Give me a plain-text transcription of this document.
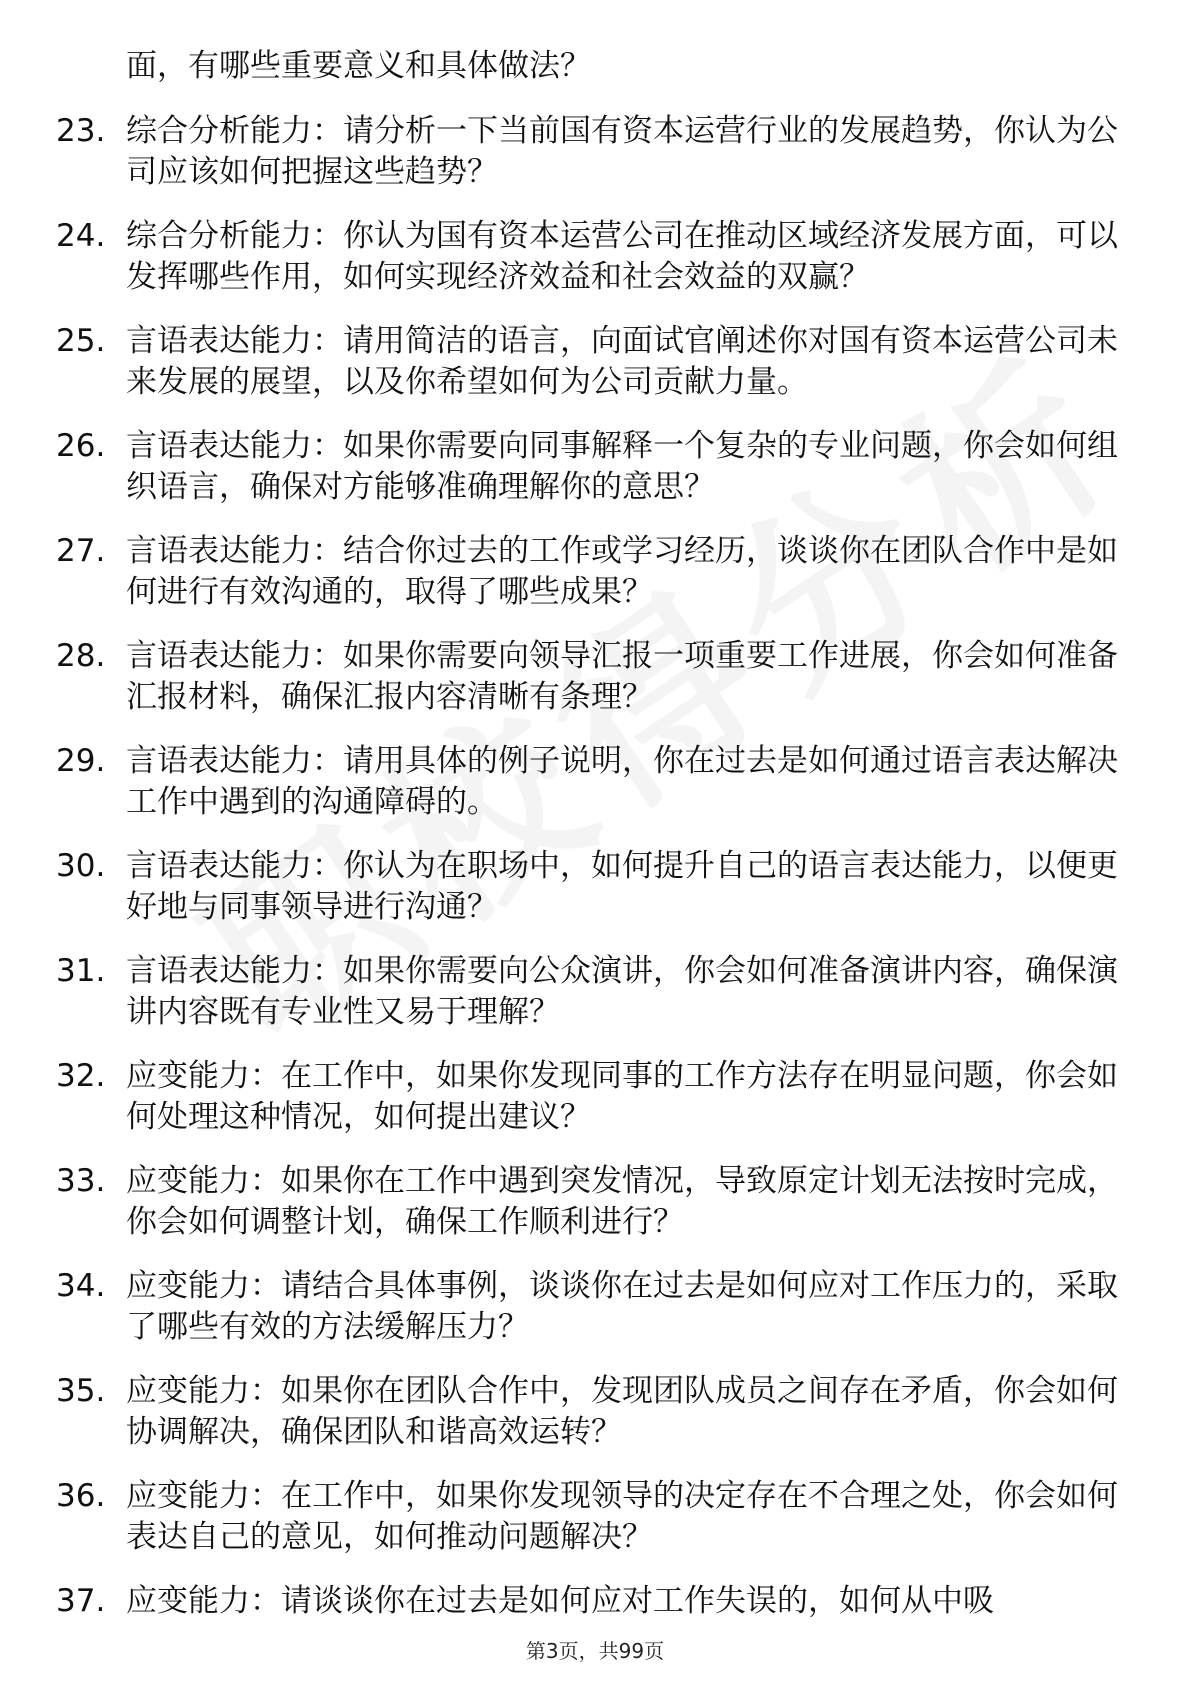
面，有哪些重要意义和具体做法？
23. 综合分析能力：请分析一下当前国有资本运营行业的发展趋势，你认为公司应该如何把握这些趋势？
24. 综合分析能力：你认为国有资本运营公司在推动区域经济发展方面，可以发挥哪些作用，如何实现经济效益和社会效益的双赢？
25. 言语表达能力：请用简洁的语言，向面试官阐述你对国有资本运营公司未来发展的展望，以及你希望如何为公司贡献力量。
26. 言语表达能力：如果你需要向同事解释一个复杂的专业问题，你会如何组织语言，确保对方能够准确理解你的意思？
27. 言语表达能力：结合你过去的工作或学习经历，谈谈你在团队合作中是如何进行有效沟通的，取得了哪些成果？
28. 言语表达能力：如果你需要向领导汇报一项重要工作进展，你会如何准备汇报材料，确保汇报内容清晰有条理？
29. 言语表达能力：请用具体的例子说明，你在过去是如何通过语言表达解决工作中遇到的沟通障碍的。
30. 言语表达能力：你认为在职场中，如何提升自己的语言表达能力，以便更好地与同事领导进行沟通？
31. 言语表达能力：如果你需要向公众演讲，你会如何准备演讲内容，确保演讲内容既有专业性又易于理解？
32. 应变能力：在工作中，如果你发现同事的工作方法存在明显问题，你会如何处理这种情况，如何提出建议？
33. 应变能力：如果你在工作中遇到突发情况，导致原定计划无法按时完成，你会如何调整计划，确保工作顺利进行？
34. 应变能力：请结合具体事例，谈谈你在过去是如何应对工作压力的，采取了哪些有效的方法缓解压力？
35. 应变能力：如果你在团队合作中，发现团队成员之间存在矛盾，你会如何协调解决，确保团队和谐高效运转？
36. 应变能力：在工作中，如果你发现领导的决定存在不合理之处，你会如何表达自己的意见，如何推动问题解决？
37. 应变能力：请谈谈你在过去是如何应对工作失误的，如何从中吸
第3页，共99页
